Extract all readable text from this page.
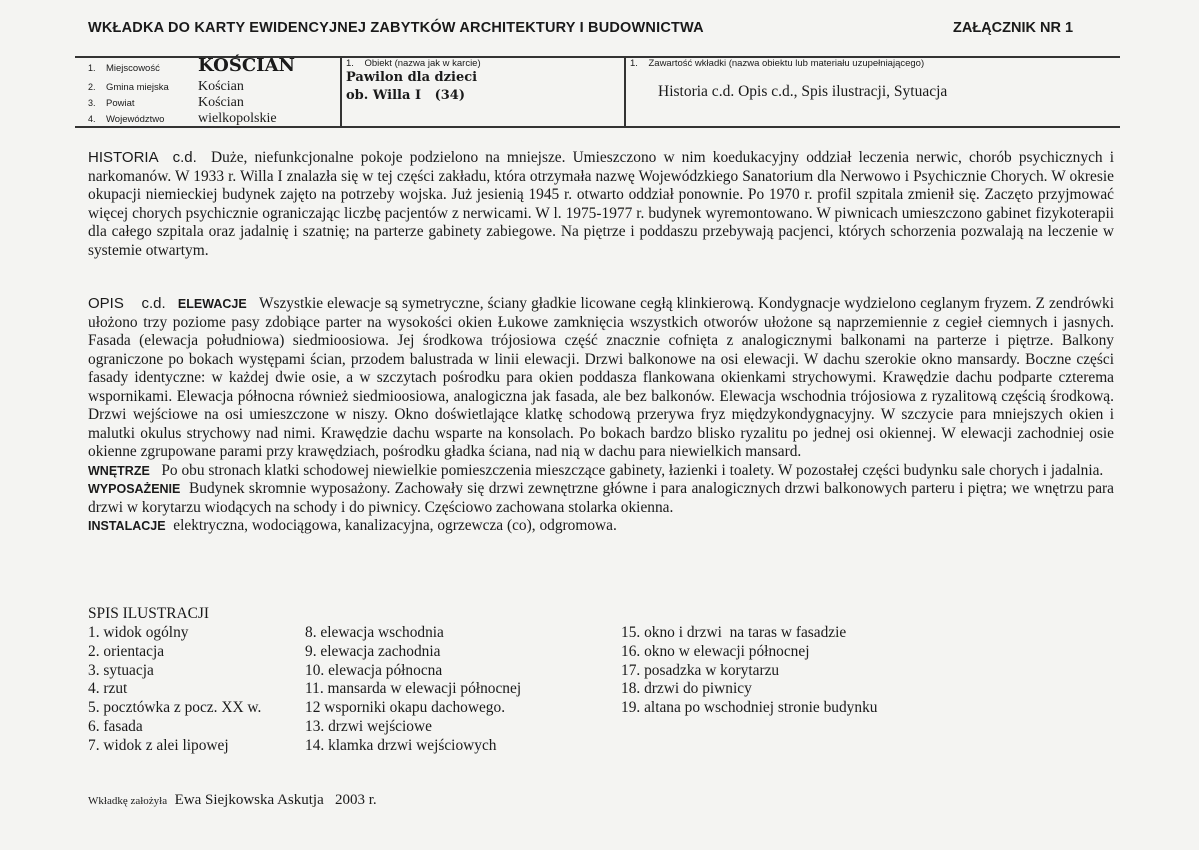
WKŁADKA DO KARTY EWIDENCYJNEJ ZABYTKÓW ARCHITEKTURY I BUDOWNICTWA	ZAŁĄCZNIK NR 1
1. Miejscowość KOŚCIAN
2. Gmina miejska Kościan
3. Powiat	Kościan
4. Województwo wielkopolskie
1.    Obiekt (nazwa jak w karcie)
Pawilon dla dzieci
ob. Willa I   (34)
1.    Zawartość wkładki (nazwa obiektu lub materiału uzupełniającego)
Historia c.d. Opis c.d., Spis ilustracji, Sytuacja
HISTORIA  c.d. Duże, niefunkcjonalne pokoje podzielono na mniejsze. Umieszczono w nim koedukacyjny oddział leczenia nerwic, chorób psychicznych i narkomanów. W 1933 r. Willa I znalazła się w tej części zakładu, która otrzymała nazwę Wojewódzkiego Sanatorium dla Nerwowo i Psychicznie Chorych. W okresie okupacji niemieckiej budynek zajęto na potrzeby wojska. Już jesienią 1945 r. otwarto oddział ponownie. Po 1970 r. profil szpitala zmienił się. Zaczęto przyjmować więcej chorych psychicznie ograniczając liczbę pacjentów z nerwicami. W l. 1975-1977 r. budynek wyremontowano. W piwnicach umieszczono gabinet fizykoterapii dla całego szpitala oraz jadalnię i szatnię; na parterze gabinety zabiegowe. Na piętrze i poddaszu przebywają pacjenci, których schorzenia pozwalają na leczenie w systemie otwartym.
OPIS    c.d. ELEWACJE Wszystkie elewacje są symetryczne, ściany gładkie licowane cegłą klinkierową. Kondygnacje wydzielono ceglanym fryzem. Z zendrówki ułożono trzy poziome pasy zdobiące parter na wysokości okien Łukowe zamknięcia wszystkich otworów ułożone są naprzemiennie z cegieł ciemnych i jasnych. Fasada (elewacja południowa) siedmioosiowa. Jej środkowa trójosiowa część znacznie cofnięta z analogicznymi balkonami na parterze i piętrze. Balkony ograniczone po bokach występami ścian, przodem balustrada w linii elewacji. Drzwi balkonowe na osi elewacji. W dachu szerokie okno mansardy. Boczne części fasady identyczne: w każdej dwie osie, a w szczytach pośrodku para okien poddasza flankowana okienkami strychowymi. Krawędzie dachu podparte czterema wspornikami. Elewacja północna również siedmioosiowa, analogiczna jak fasada, ale bez balkonów. Elewacja wschodnia trójosiowa z ryzalitową częścią środkową. Drzwi wejściowe na osi umieszczone w niszy. Okno doświetlające klatkę schodową przerywa fryz międzykondygnacyjny. W szczycie para mniejszych okien i malutki okulus strychowy nad nimi. Krawędzie dachu wsparte na konsolach. Po bokach bardzo blisko ryzalitu po jednej osi okiennej. W elewacji zachodniej osie okienne zgrupowane parami przy krawędziach, pośrodku gładka ściana, nad nią w dachu para niewielkich mansard.
WNĘTRZE Po obu stronach klatki schodowej niewielkie pomieszczenia mieszczące gabinety, łazienki i toalety. W pozostałej części budynku sale chorych i jadalnia.
WYPOSAŻENIE Budynek skromnie wyposażony. Zachowały się drzwi zewnętrzne główne i para analogicznych drzwi balkonowych parteru i piętra; we wnętrzu para drzwi w korytarzu wiodących na schody i do piwnicy. Częściowo zachowana stolarka okienna.
INSTALACJE elektryczna, wodociągowa, kanalizacyjna, ogrzewcza (co), odgromowa.
SPIS ILUSTRACJI
1. widok ogólny
2. orientacja
3. sytuacja
4. rzut
5. pocztówka z pocz. XX w.
6. fasada
7. widok z alei lipowej
8. elewacja wschodnia
9. elewacja zachodnia
10. elewacja północna
11. mansarda w elewacji północnej
12 wsporniki okapu dachowego.
13. drzwi wejściowe
14. klamka drzwi wejściowych
15. okno i drzwi  na taras w fasadzie
16. okno w elewacji północnej
17. posadzka w korytarzu
18. drzwi do piwnicy
19. altana po wschodniej stronie budynku
Wkładkę założyła Ewa Siejkowska Askutja 2003 r.
